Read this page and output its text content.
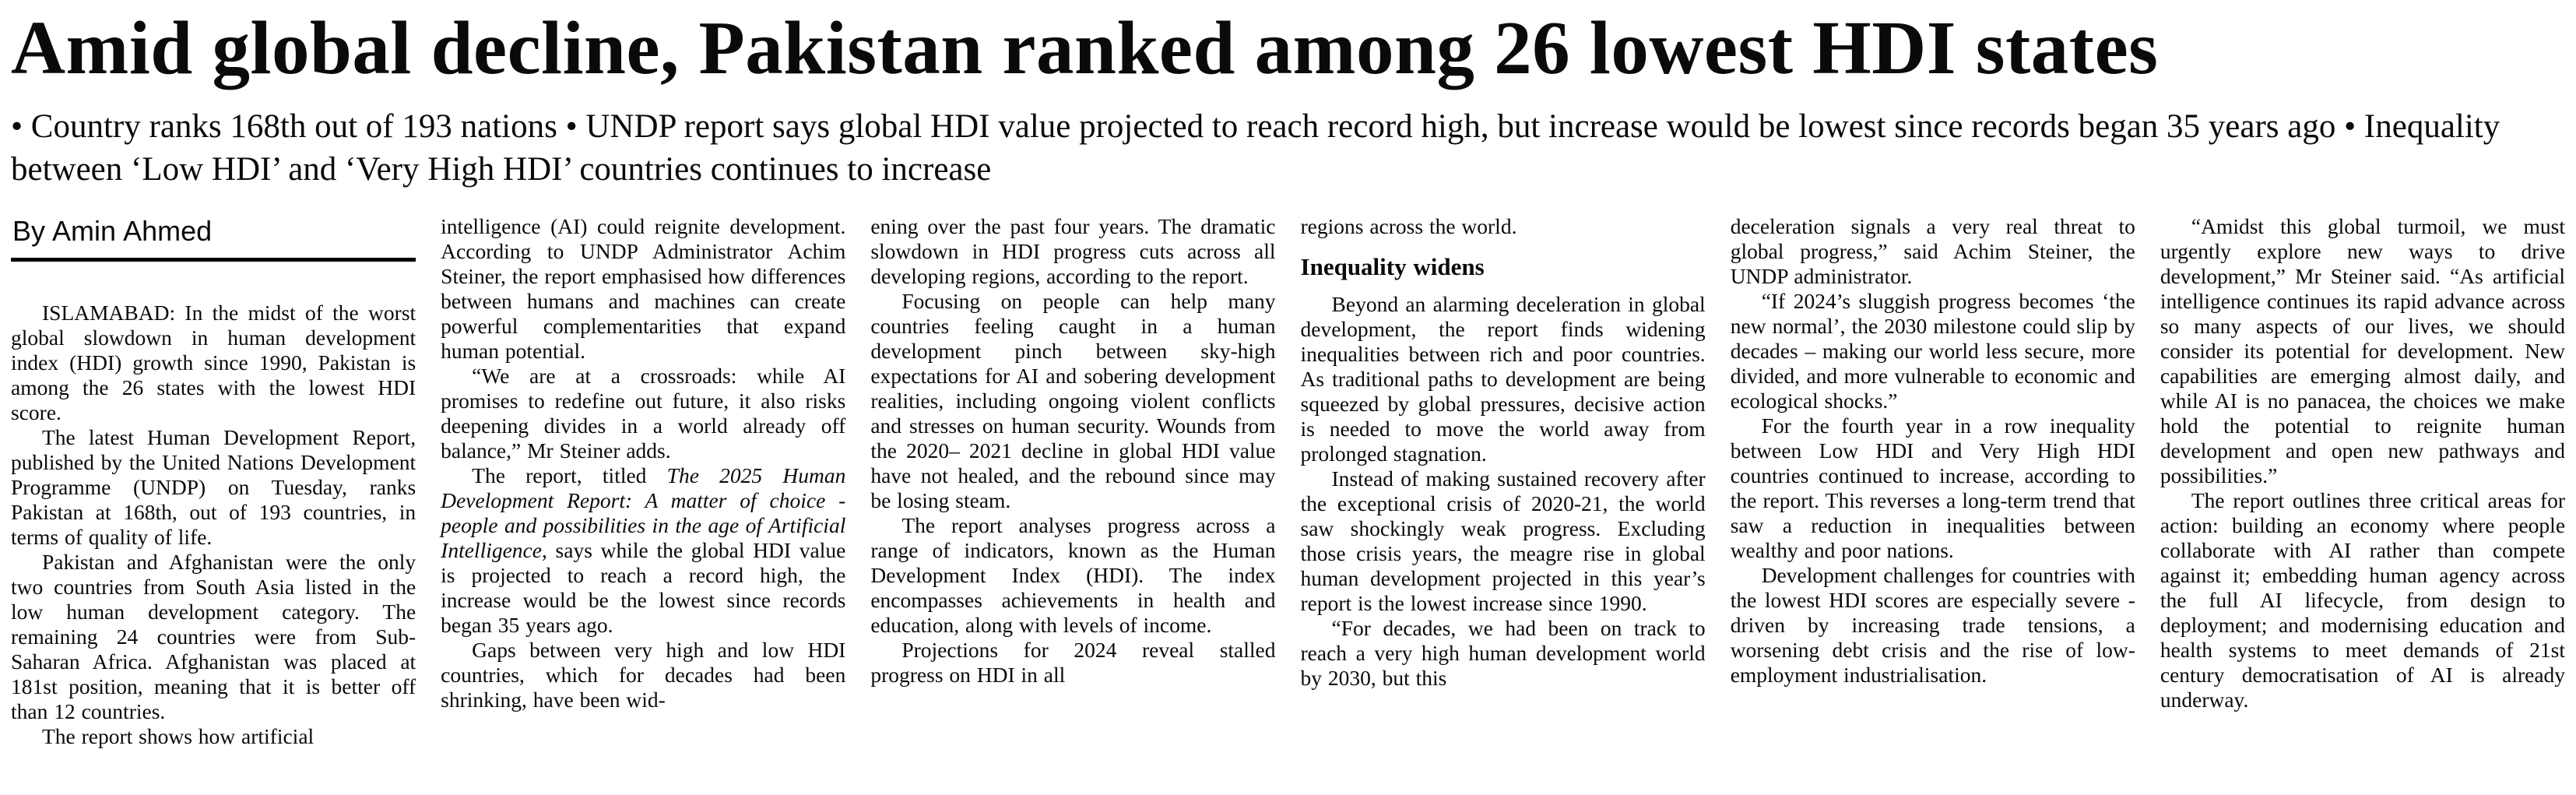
Amid global decline, Pakistan ranked among 26 lowest HDI states

• Country ranks 168th out of 193 nations • UNDP report says global HDI value projected to reach record high, but increase would be lowest since records began 35 years ago • Inequality between ‘Low HDI’ and ‘Very High HDI’ countries continues to increase

By Amin Ahmed

ISLAMABAD: In the midst of the worst global slowdown in human development index (HDI) growth since 1990, Pakistan is among the 26 states with the lowest HDI score.

The latest Human Development Report, published by the United Nations Development Programme (UNDP) on Tuesday, ranks Pakistan at 168th, out of 193 countries, in terms of quality of life.

Pakistan and Afghanistan were the only two countries from South Asia listed in the low human development category. The remaining 24 countries were from Sub-Saharan Africa. Afghanistan was placed at 181st position, meaning that it is better off than 12 countries.

The report shows how artificial

intelligence (AI) could reignite development. According to UNDP Administrator Achim Steiner, the report emphasised how differences between humans and machines can create powerful complementarities that expand human potential.

“We are at a crossroads: while AI promises to redefine out future, it also risks deepening divides in a world already off balance,” Mr Steiner adds.

The report, titled The 2025 Human Development Report: A matter of choice - people and possibilities in the age of Artificial Intelligence, says while the global HDI value is projected to reach a record high, the increase would be the lowest since records began 35 years ago.

Gaps between very high and low HDI countries, which for decades had been shrinking, have been wid-

ening over the past four years. The dramatic slowdown in HDI progress cuts across all developing regions, according to the report.

Focusing on people can help many countries feeling caught in a human development pinch between sky-high expectations for AI and sobering development realities, including ongoing violent conflicts and stresses on human security. Wounds from the 2020– 2021 decline in global HDI value have not healed, and the rebound since may be losing steam.

The report analyses progress across a range of indicators, known as the Human Development Index (HDI). The index encompasses achievements in health and education, along with levels of income.

Projections for 2024 reveal stalled progress on HDI in all

regions across the world.

Inequality widens

Beyond an alarming deceleration in global development, the report finds widening inequalities between rich and poor countries. As traditional paths to development are being squeezed by global pressures, decisive action is needed to move the world away from prolonged stagnation.

Instead of making sustained recovery after the exceptional crisis of 2020-21, the world saw shockingly weak progress. Excluding those crisis years, the meagre rise in global human development projected in this year’s report is the lowest increase since 1990.

“For decades, we had been on track to reach a very high human development world by 2030, but this

deceleration signals a very real threat to global progress,” said Achim Steiner, the UNDP administrator.

“If 2024’s sluggish progress becomes ‘the new normal’, the 2030 milestone could slip by decades – making our world less secure, more divided, and more vulnerable to economic and ecological shocks.”

For the fourth year in a row inequality between Low HDI and Very High HDI countries continued to increase, according to the report. This reverses a long-term trend that saw a reduction in inequalities between wealthy and poor nations.

Development challenges for countries with the lowest HDI scores are especially severe - driven by increasing trade tensions, a worsening debt crisis and the rise of low-employment industrialisation.

“Amidst this global turmoil, we must urgently explore new ways to drive development,” Mr Steiner said. “As artificial intelligence continues its rapid advance across so many aspects of our lives, we should consider its potential for development. New capabilities are emerging almost daily, and while AI is no panacea, the choices we make hold the potential to reignite human development and open new pathways and possibilities.”

The report outlines three critical areas for action: building an economy where people collaborate with AI rather than compete against it; embedding human agency across the full AI lifecycle, from design to deployment; and modernising education and health systems to meet demands of 21st century democratisation of AI is already underway.
